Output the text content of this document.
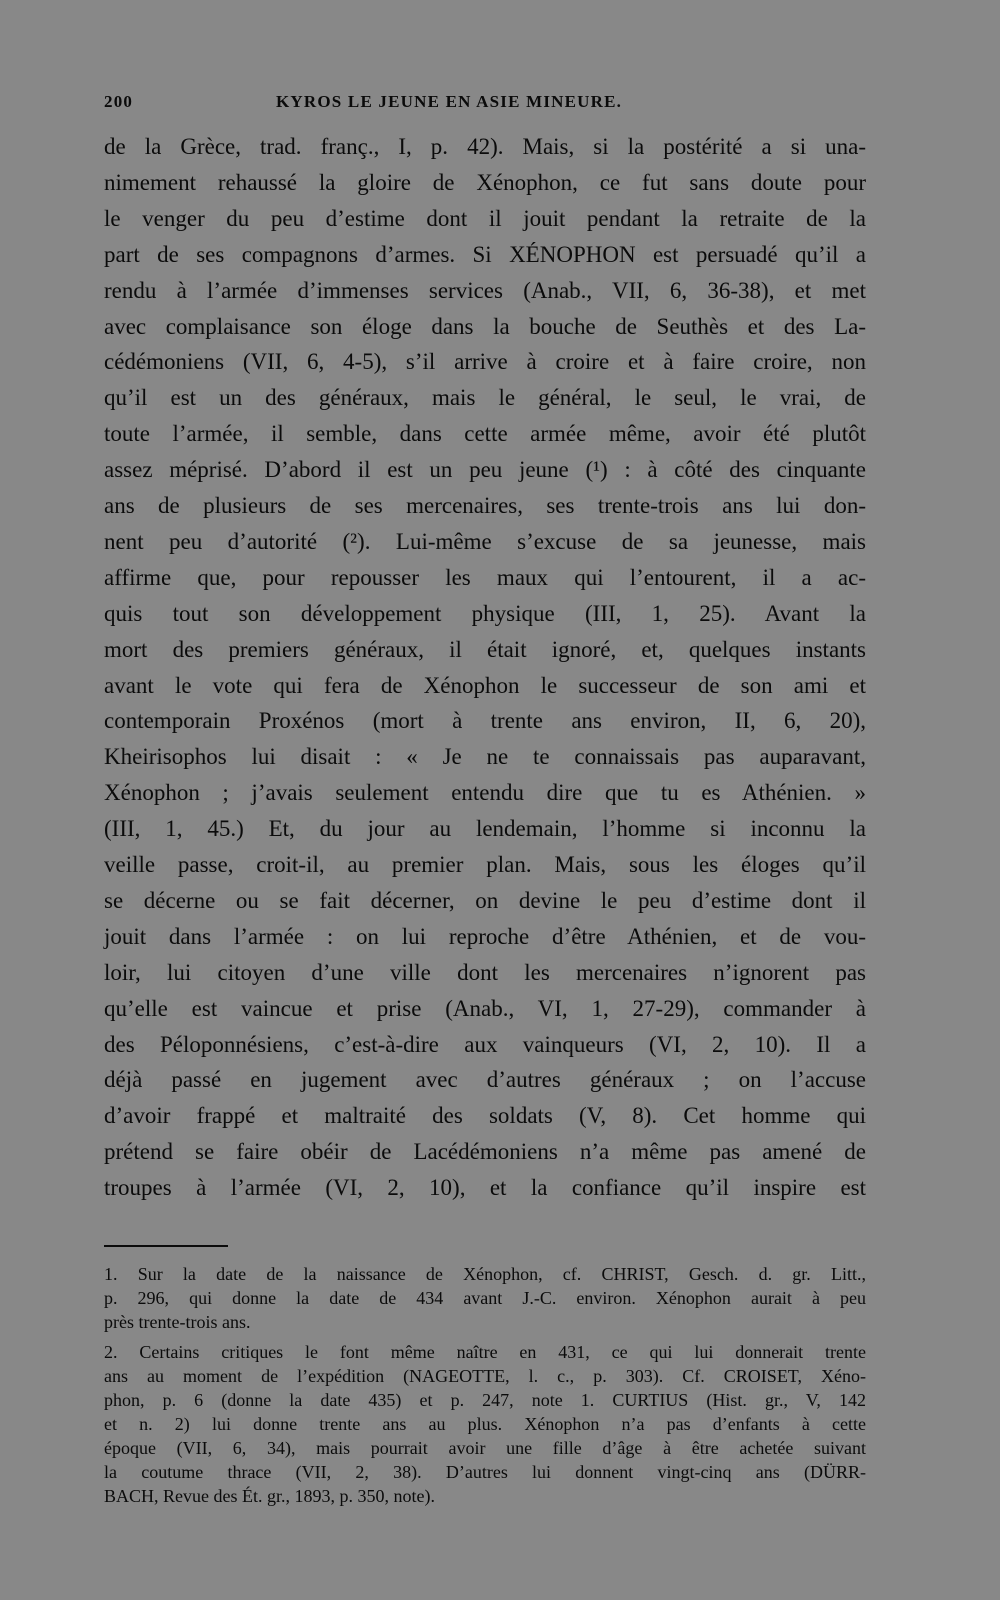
200	KYROS LE JEUNE EN ASIE MINEURE.
de la Grèce, trad. franç., I, p. 42). Mais, si la postérité a si una-
nimement rehaussé la gloire de Xénophon, ce fut sans doute pour
le venger du peu d’estime dont il jouit pendant la retraite de la
part de ses compagnons d’armes. Si XÉNOPHON est persuadé qu’il a
rendu à l’armée d’immenses services (Anab., VII, 6, 36-38), et met
avec complaisance son éloge dans la bouche de Seuthès et des La-
cédémoniens (VII, 6, 4-5), s’il arrive à croire et à faire croire, non
qu’il est un des généraux, mais le général, le seul, le vrai, de
toute l’armée, il semble, dans cette armée même, avoir été plutôt
assez méprisé. D’abord il est un peu jeune (¹) : à côté des cinquante
ans de plusieurs de ses mercenaires, ses trente-trois ans lui don-
nent peu d’autorité (²). Lui-même s’excuse de sa jeunesse, mais
affirme que, pour repousser les maux qui l’entourent, il a ac-
quis tout son développement physique (III, 1, 25). Avant la
mort des premiers généraux, il était ignoré, et, quelques instants
avant le vote qui fera de Xénophon le successeur de son ami et
contemporain Proxénos (mort à trente ans environ, II, 6, 20),
Kheirisophos lui disait : « Je ne te connaissais pas auparavant,
Xénophon ; j’avais seulement entendu dire que tu es Athénien. »
(III, 1, 45.) Et, du jour au lendemain, l’homme si inconnu la
veille passe, croit-il, au premier plan. Mais, sous les éloges qu’il
se décerne ou se fait décerner, on devine le peu d’estime dont il
jouit dans l’armée : on lui reproche d’être Athénien, et de vou-
loir, lui citoyen d’une ville dont les mercenaires n’ignorent pas
qu’elle est vaincue et prise (Anab., VI, 1, 27-29), commander à
des Péloponnésiens, c’est-à-dire aux vainqueurs (VI, 2, 10). Il a
déjà passé en jugement avec d’autres généraux ; on l’accuse
d’avoir frappé et maltraité des soldats (V, 8). Cet homme qui
prétend se faire obéir de Lacédémoniens n’a même pas amené de
troupes à l’armée (VI, 2, 10), et la confiance qu’il inspire est
1. Sur la date de la naissance de Xénophon, cf. CHRIST, Gesch. d. gr. Litt.,
p. 296, qui donne la date de 434 avant J.-C. environ. Xénophon aurait à peu
près trente-trois ans.
2. Certains critiques le font même naître en 431, ce qui lui donnerait trente
ans au moment de l’expédition (NAGEOTTE, l. c., p. 303). Cf. CROISET, Xéno-
phon, p. 6 (donne la date 435) et p. 247, note 1. CURTIUS (Hist. gr., V, 142
et n. 2) lui donne trente ans au plus. Xénophon n’a pas d’enfants à cette
époque (VII, 6, 34), mais pourrait avoir une fille d’âge à être achetée suivant
la coutume thrace (VII, 2, 38). D’autres lui donnent vingt-cinq ans (DÜRR-
BACH, Revue des Ét. gr., 1893, p. 350, note).
